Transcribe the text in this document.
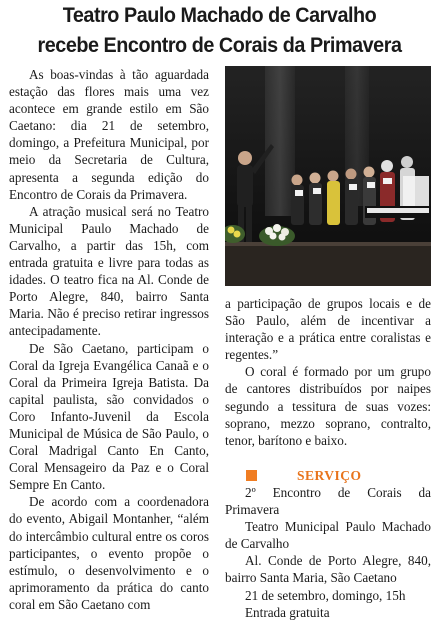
Teatro Paulo Machado de Carvalho
recebe Encontro de Corais da Primavera

As boas-vindas à tão aguardada estação das flores mais uma vez acontece em grande estilo em São Caetano: dia 21 de setembro, domingo, a Prefeitura Municipal, por meio da Secretaria de Cultura, apresenta a segunda edição do Encontro de Corais da Primavera.

A atração musical será no Teatro Municipal Paulo Machado de Carvalho, a partir das 15h, com entrada gratuita e livre para todas as idades. O teatro fica na Al. Conde de Porto Alegre, 840, bairro Santa Maria. Não é preciso retirar ingressos antecipadamente.

De São Caetano, participam o Coral da Igreja Evangélica Canaã e o Coral da Primeira Igreja Batista. Da capital paulista, são convidados o Coro Infanto-Juvenil da Escola Municipal de Música de São Paulo, o Coral Madrigal Canto En Canto, Coral Mensageiro da Paz e o Coral Sempre En Canto.

De acordo com a coordenadora do evento, Abigail Montanher, “além do intercâmbio cultural entre os coros participantes, o evento propõe o estímulo, o desenvolvimento e o aprimoramento da prática do canto coral em São Caetano com

a participação de grupos locais e de São Paulo, além de incentivar a interação e a prática entre coralistas e regentes.”

O coral é formado por um grupo de cantores distribuídos por naipes segundo a tessitura de suas vozes: soprano, mezzo soprano, contralto, tenor, barítono e baixo.

SERVIÇO

2º Encontro de Corais da Primavera

Teatro Municipal Paulo Machado de Carvalho

Al. Conde de Porto Alegre, 840, bairro Santa Maria, São Caetano

21 de setembro, domingo, 15h

Entrada gratuita
